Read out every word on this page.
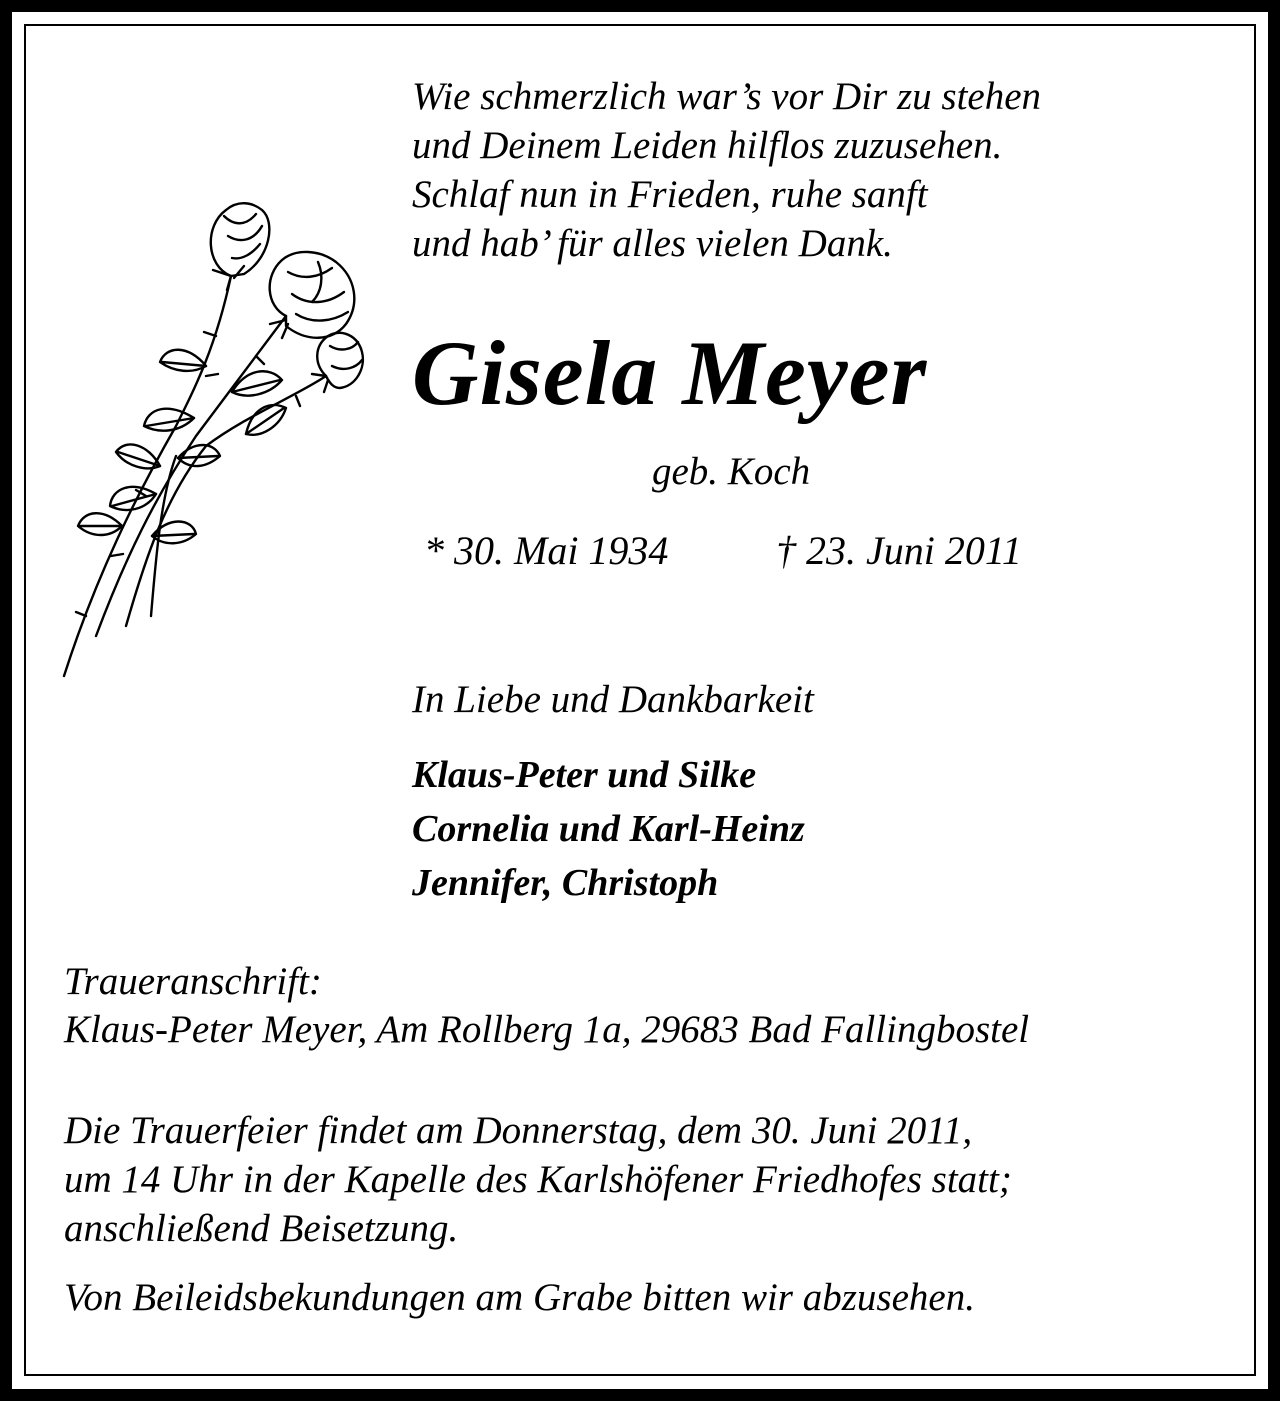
Wie schmerzlich war’s vor Dir zu stehen
und Deinem Leiden hilflos zuzusehen.
Schlaf nun in Frieden, ruhe sanft
und hab’ für alles vielen Dank.
Gisela Meyer
geb. Koch
* 30. Mai 1934	† 23. Juni 2011
In Liebe und Dankbarkeit
Klaus-Peter und Silke
Cornelia und Karl-Heinz
Jennifer, Christoph
Traueranschrift:
Klaus-Peter Meyer, Am Rollberg 1a, 29683 Bad Fallingbostel
Die Trauerfeier findet am Donnerstag, dem 30. Juni 2011,
um 14 Uhr in der Kapelle des Karlshöfener Friedhofes statt;
anschließend Beisetzung.
Von Beileidsbekundungen am Grabe bitten wir abzusehen.
